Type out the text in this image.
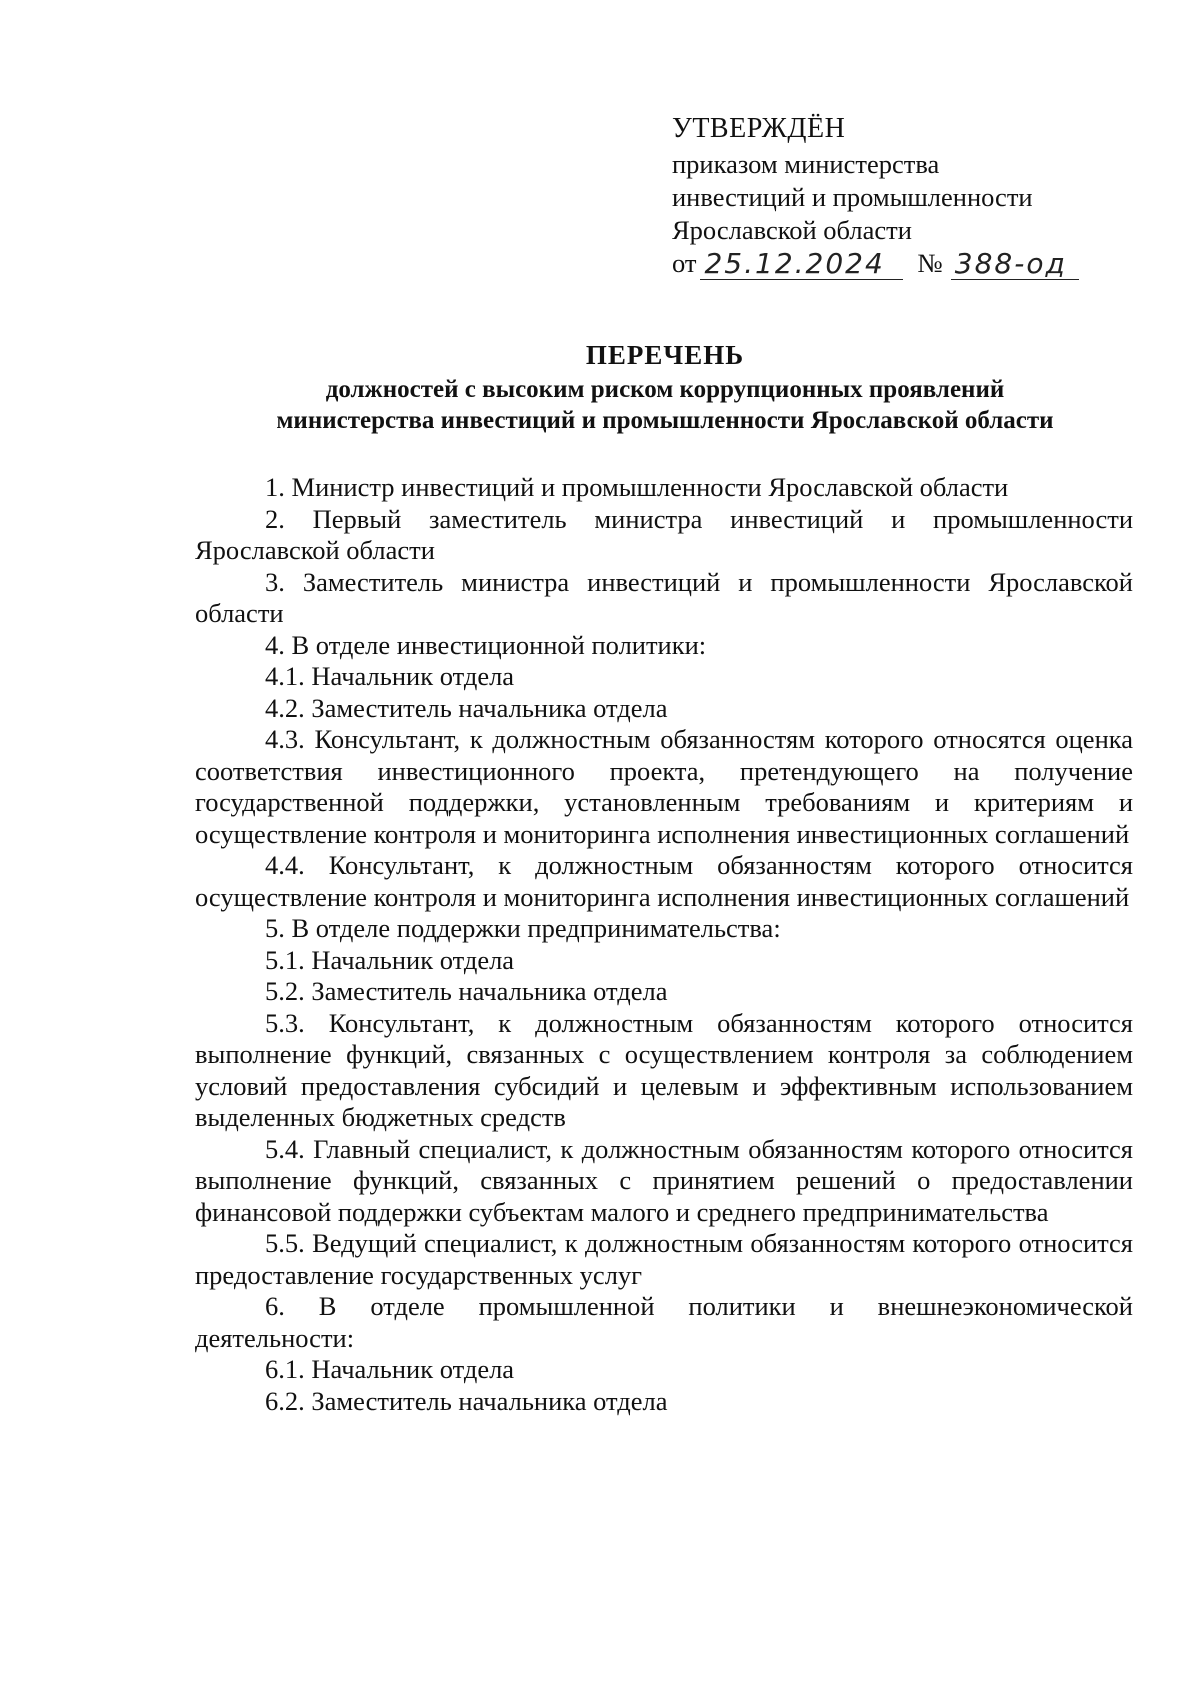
УТВЕРЖДЁН
приказом министерства
инвестиций и промышленности
Ярославской области
от 25.12.2024	№ 388-од
ПЕРЕЧЕНЬ
должностей с высоким риском коррупционных проявлений
министерства инвестиций и промышленности Ярославской области

1. Министр инвестиций и промышленности Ярославской области

2. Первый заместитель министра инвестиций и промышленности Ярославской области

3. Заместитель министра инвестиций и промышленности Ярославской области

4. В отделе инвестиционной политики:

4.1. Начальник отдела

4.2. Заместитель начальника отдела

4.3. Консультант, к должностным обязанностям которого относятся оценка соответствия инвестиционного проекта, претендующего на получение государственной поддержки, установленным требованиям и критериям и осуществление контроля и мониторинга исполнения инвестиционных соглашений

4.4. Консультант, к должностным обязанностям которого относится осуществление контроля и мониторинга исполнения инвестиционных соглашений

5. В отделе поддержки предпринимательства:

5.1. Начальник отдела

5.2. Заместитель начальника отдела

5.3. Консультант, к должностным обязанностям которого относится выполнение функций, связанных с осуществлением контроля за соблюдением условий предоставления субсидий и целевым и эффективным использованием выделенных бюджетных средств

5.4. Главный специалист, к должностным обязанностям которого относится выполнение функций, связанных с принятием решений о предоставлении финансовой поддержки субъектам малого и среднего предпринимательства

5.5. Ведущий специалист, к должностным обязанностям которого относится предоставление государственных услуг

6. В отделе промышленной политики и внешнеэкономической деятельности:

6.1. Начальник отдела

6.2. Заместитель начальника отдела
